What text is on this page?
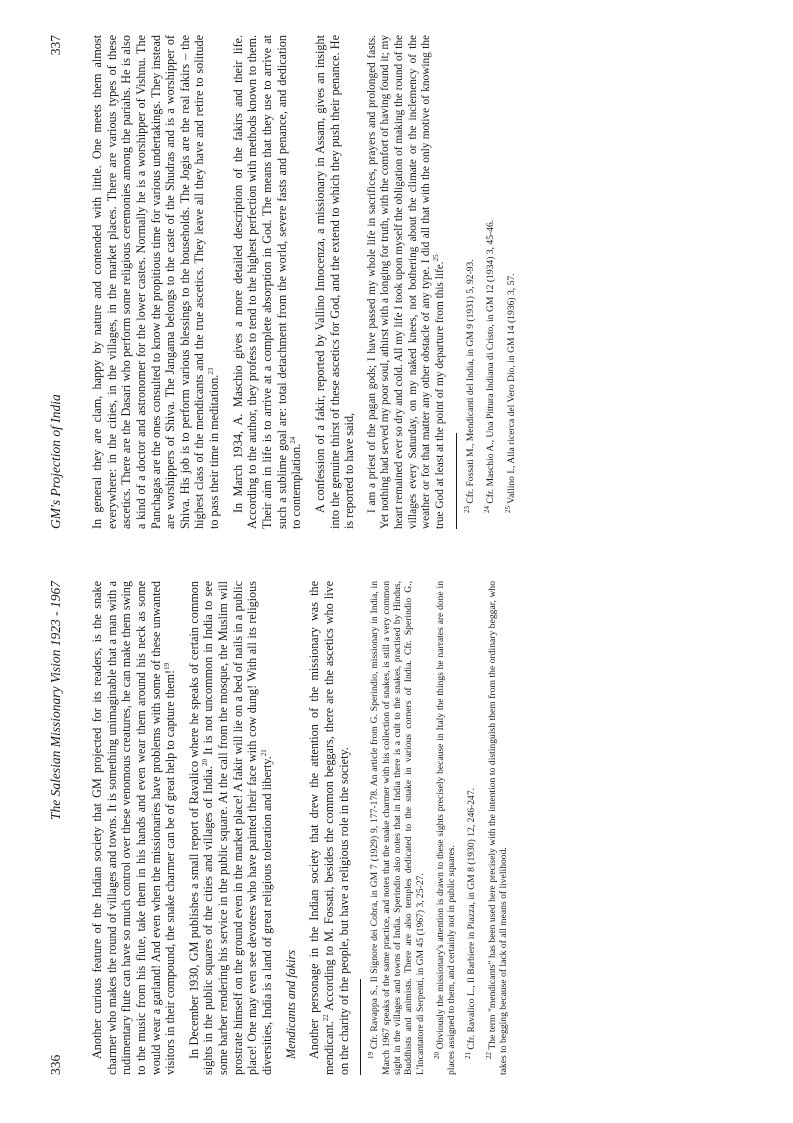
336
The Salesian Missionary Vision 1923 - 1967 Another curious feature of the Indian society that GM projected for its readers, is the snake charmer who makes the round of villages and towns. It is something unimaginable that a man with a rudimentary flute can have so much control over these venomous creatures, he can make them swing to the music from his flute, take them in his hands and even wear them around his neck as some would wear a garland! And even when the missionaries have problems with some of these unwanted visitors in their compound, the snake charmer can be of great help to capture them!$^{19}$	In December 1930, GM publishes a small report of Ravalico where he speaks of certain common sights in the public squares of the cities and villages of India.$^{20}$ It is not uncommon in India to see some barber rendering his service in the public square. At the call from the mosque, the Muslim will prostrate himself on the ground even in the market place! A fakir will lie on a bed of nails in a public place! One may even see devotees who have painted their face with cow dung! With all its religious diversities, India is a land of great religious toleration and liberty.$^{21}$

Mendicants and fakirs Another personage in the Indian society that drew the attention of the missionary was the mendicant.$^{22}$ According to M. Fossati, besides the common beggars, there are the ascetics who live on the charity of the people, but have a religious role in the society. $^{19}$ Cfr. Ravappa S., Il Signore dei Cobra, in GM 7 (1929) 9, 177-178. An article from G. Sperindio, missionary in India, in March 1967 speaks of the same practice, and notes that the snake charmer with his collection of snakes, is still a very common sight in the villages and towns of India. Sperindio also notes that in India there is a cult to the snakes, practised by Hindus, Buddhists and animists. There are also temples dedicated to the snake in various corners of India. Cfr. Sperindio G., L'Incantatore di Serpenti, in GM 45 (1967) 3, 25-27. $^{20}$ Obviously the missionary's attention is drawn to these sights precisely because in Italy the things he narrates are done in places assigned to them, and certainly not in public squares. $^{21}$ Cfr. Ravalico L., Il Barbiere in Piazza, in GM 8 (1930) 12, 246-247.

$^{22}$ The term "mendicants" has been used here precisely with the intention to distinguish them from the ordinary beggar, who takes to begging because of lack of all means of livelihood.

GM's Projection of India
337 In general they are clam, happy by nature and contended with little. One meets them almost everywhere: in the cities, in the villages, in the market places. There are various types of these ascetics. There are the Dasari who perform some religious ceremonies among the pariahs. He is also a kind of a doctor and astronomer for the lower castes. Normally he is a worshipper of Vishnu. The Panchagas are the ones consulted to know the propitious time for various undertakings. They instead are worshippers of Shiva. The Jangama belongs to the caste of the Shudras and is a worshipper of Shiva. His job is to perform various blessings to the households. The Jogis are the real fakirs – the highest class of the mendicants and the true ascetics. They leave all they have and retire to solitude to pass their time in meditation.$^{23}$	In March 1934, A. Maschio gives a more detailed description of the fakirs and their life. According to the author, they profess to tend to the highest perfection with methods known to them. Their aim in life is to arrive at a complete absorption in God. The means that they use to arrive at such a sublime goal are: total detachment from the world, severe fasts and penance, and dedication to contemplation.$^{24}$	A confession of a fakir, reported by Vallino Innocenza, a missionary in Assam, gives an insight into the genuine thirst of these ascetics for God, and the extend to which they push their penance. He is reported to have said, I am a priest of the pagan gods; I have passed my whole life in sacrifices, prayers and prolonged fasts. Yet nothing had served my poor soul, athirst with a longing for truth, with the comfort of having found it; my heart remained ever so dry and cold. All my life I took upon myself the obligation of making the round of the villages every Saturday, on my naked knees, not bothering about the climate or the inclemency of the weather or for that matter any other obstacle of any type. I did all that with the only motive of knowing the true God at least at the point of my departure from this life.$^{25}$

$^{23}$ Cfr. Fossati M., Mendicanti del India, in GM 9 (1931) 5, 92-93.

$^{24}$ Cfr. Maschio A., Una Pittura Indiana di Cristo, in GM 12 (1934) 3, 45-46.

$^{25}$ Vallino I., Alla ricerca del Vero Dio, in GM 14 (1936) 3, 57.
